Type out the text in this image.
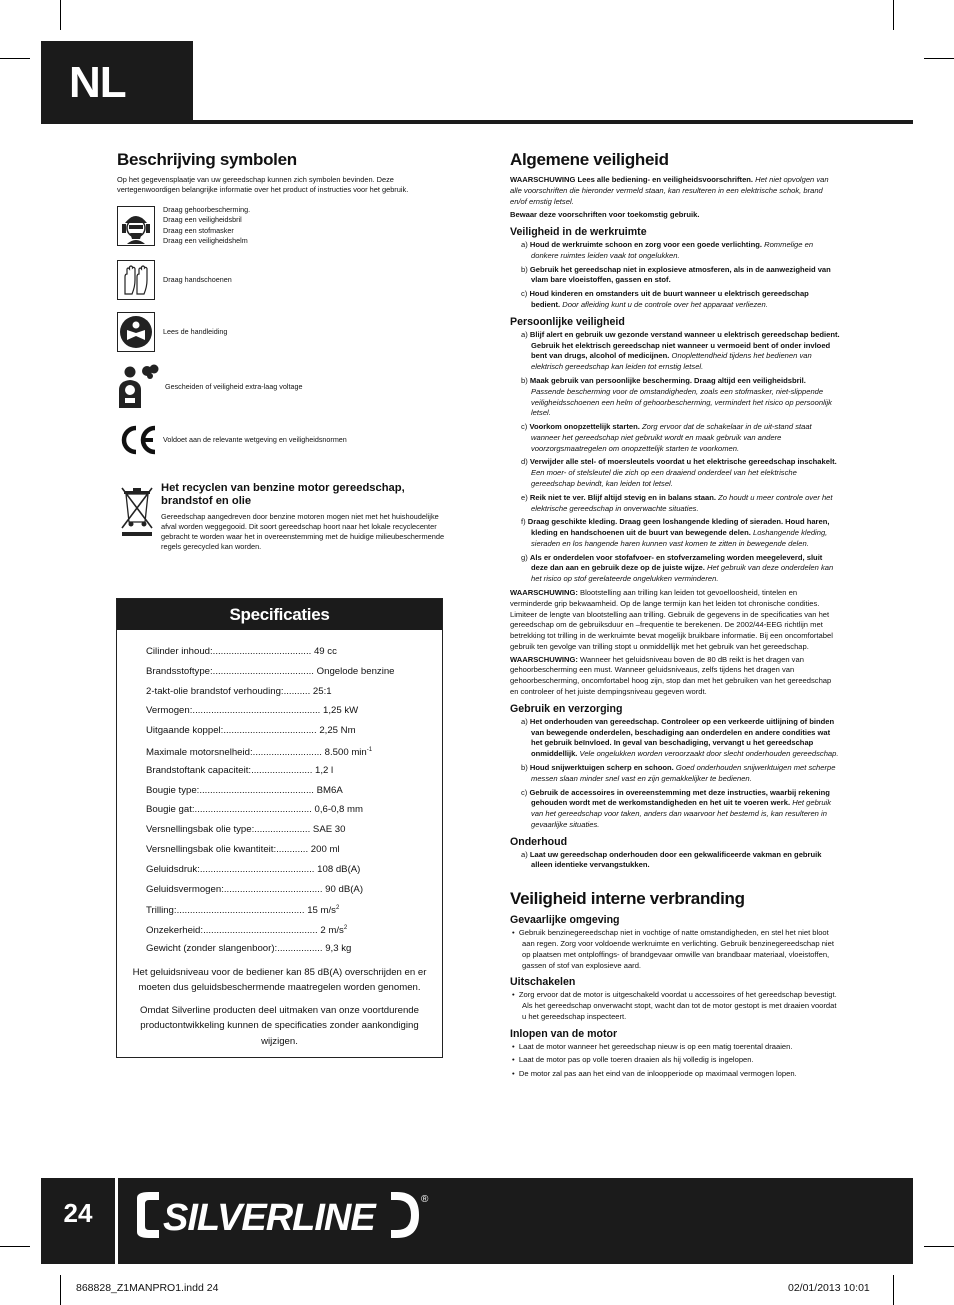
NL
Beschrijving symbolen

Op het gegevensplaatje van uw gereedschap kunnen zich symbolen bevinden. Deze vertegenwoordigen belangrijke informatie over het product of instructies voor het gebruik.

Draag gehoorbescherming.
Draag een veiligheidsbril
Draag een stofmasker
Draag een veiligheidshelm
Draag handschoenen
Lees de handleiding
Gescheiden of veiligheid extra-laag voltage
Voldoet aan de relevante wetgeving en veiligheidsnormen
Het recyclen van benzine motor gereedschap, brandstof en olie
Gereedschap aangedreven door benzine motoren mogen niet met het huishoudelijke afval worden weggegooid. Dit soort gereedschap hoort naar het lokale recyclecenter gebracht te worden waar het in overeenstemming met de huidige milieubeschermende regels gerecycled kan worden.
Specificaties
Cilinder inhoud:..................................... 49 cc
Brandsstoftype:...................................... Ongelode benzine
2-takt-olie brandstof verhouding:.......... 25:1
Vermogen:................................................ 1,25 kW
Uitgaande koppel:................................... 2,25 Nm
Maximale motorsnelheid:.......................... 8.500 $\min^{-1}$
Brandstoftank capaciteit:....................... 1,2 l
Bougie type:........................................... BM6A
Bougie gat:............................................ 0,6-0,8 mm
Versnellingsbak olie type:..................... SAE 30
Versnellingsbak olie kwantiteit:............ 200 ml
Geluidsdruk:........................................... 108 dB(A)
Geluidsvermogen:..................................... 90 dB(A)
Trilling:................................................ 15 $m/s^2$
Onzekerheid:........................................... 2 $m/s^2$
Gewicht (zonder slangenboor):................. 9,3 kg
Het geluidsniveau voor de bediener kan 85 dB(A) overschrijden en er moeten dus geluidsbeschermende maatregelen worden genomen.
Omdat Silverline producten deel uitmaken van onze voortdurende productontwikkeling kunnen de specificaties zonder aankondiging wijzigen.
Algemene veiligheid

WAARSCHUWING Lees alle bediening- en veiligheidsvoorschriften. Het niet opvolgen van alle voorschriften die hieronder vermeld staan, kan resulteren in een elektrische schok, brand en/of ernstig letsel.

Bewaar deze voorschriften voor toekomstig gebruik.

Veiligheid in de werkruimte
a) Houd de werkruimte schoon en zorg voor een goede verlichting. Rommelige en donkere ruimtes leiden vaak tot ongelukken.
b) Gebruik het gereedschap niet in explosieve atmosferen, als in de aanwezigheid van vlam bare vloeistoffen, gassen en stof.
c) Houd kinderen en omstanders uit de buurt wanneer u elektrisch gereedschap bedient. Door afleiding kunt u de controle over het apparaat verliezen.
Persoonlijke veiligheid
a) Blijf alert en gebruik uw gezonde verstand wanneer u elektrisch gereedschap bedient. Gebruik het elektrisch gereedschap niet wanneer u vermoeid bent of onder invloed bent van drugs, alcohol of medicijnen. Onoplettendheid tijdens het bedienen van elektrisch gereedschap kan leiden tot ernstig letsel.
b) Maak gebruik van persoonlijke bescherming. Draag altijd een veiligheidsbril. Passende bescherming voor de omstandigheden, zoals een stofmasker, niet-slippende veiligheidsschoenen een helm of gehoorbescherming, vermindert het risico op persoonlijk letsel.
c) Voorkom onopzettelijk starten. Zorg ervoor dat de schakelaar in de uit-stand staat wanneer het gereedschap niet gebruikt wordt en maak gebruik van andere voorzorgsmaatregelen om onopzettelijk starten te voorkomen.
d) Verwijder alle stel- of moersleutels voordat u het elektrische gereedschap inschakelt. Een moer- of stelsleutel die zich op een draaiend onderdeel van het elektrische gereedschap bevindt, kan leiden tot letsel.
e) Reik niet te ver. Blijf altijd stevig en in balans staan. Zo houdt u meer controle over het elektrische gereedschap in onverwachte situaties.
f) Draag geschikte kleding. Draag geen loshangende kleding of sieraden. Houd haren, kleding en handschoenen uit de buurt van bewegende delen. Loshangende kleding, sieraden en los hangende haren kunnen vast komen te zitten in bewegende delen.
g) Als er onderdelen voor stofafvoer- en stofverzameling worden meegeleverd, sluit deze dan aan en gebruik deze op de juiste wijze. Het gebruik van deze onderdelen kan het risico op stof gerelateerde ongelukken verminderen.

WAARSCHUWING: Blootstelling aan trilling kan leiden tot gevoelloosheid, tintelen en verminderde grip bekwaamheid. Op de lange termijn kan het leiden tot chronische condities. Limiteer de lengte van blootstelling aan trilling. Gebruik de gegevens in de specificaties van het gereedschap om de gebruiksduur en –frequentie te berekenen. De 2002/44-EEG richtlijn met betrekking tot trilling in de werkruimte bevat mogelijk bruikbare informatie. Bij een oncomfortabel gebruik ten gevolge van trilling stopt u onmiddellijk met het gebruik van het gereedschap.

WAARSCHUWING: Wanneer het geluidsniveau boven de 80 dB reikt is het dragen van gehoorbescherming een must. Wanneer geluidsniveaus, zelfs tijdens het dragen van gehoorbescherming, oncomfortabel hoog zijn, stop dan met het gebruiken van het gereedschap en controleer of het juiste dempingsniveau gegeven wordt.

Gebruik en verzorging
a) Het onderhouden van gereedschap. Controleer op een verkeerde uitlijning of binden van bewegende onderdelen, beschadiging aan onderdelen en andere condities wat het gebruik beïnvloed. In geval van beschadiging, vervangt u het gereedschap onmiddellijk. Vele ongelukken worden veroorzaakt door slecht onderhouden gereedschap.
b) Houd snijwerktuigen scherp en schoon. Goed onderhouden snijwerktuigen met scherpe messen slaan minder snel vast en zijn gemakkelijker te bedienen.
c) Gebruik de accessoires in overeenstemming met deze instructies, waarbij rekening gehouden wordt met de werkomstandigheden en het uit te voeren werk. Het gebruik van het gereedschap voor taken, anders dan waarvoor het bestemd is, kan resulteren in gevaarlijke situaties.
Onderhoud
a) Laat uw gereedschap onderhouden door een gekwalificeerde vakman en gebruik alleen identieke vervangstukken.
Veiligheid interne verbranding
Gevaarlijke omgeving
•  Gebruik benzinegereedschap niet in vochtige of natte omstandigheden, en stel het niet bloot aan regen. Zorg voor voldoende werkruimte en verlichting. Gebruik benzinegereedschap niet op plaatsen met ontplofﬁngs- of brandgevaar omwille van brandbaar materiaal, vloeistoffen, gassen of stof van explosieve aard.
Uitschakelen
•  Zorg ervoor dat de motor is uitgeschakeld voordat u accessoires of het gereedschap bevestigt. Als het gereedschap onverwacht stopt, wacht dan tot de motor gestopt is met draaien voordat u het gereedschap inspecteert.
Inlopen van de motor
•  Laat de motor wanneer het gereedschap nieuw is op een matig toerental draaien.
•  Laat de motor pas op volle toeren draaien als hij volledig is ingelopen.
•  De motor zal pas aan het eind van de inloopperiode op maximaal vermogen lopen.
24	SILVERLINE	®
868828_Z1MANPRO1.indd 24	02/01/2013 10:01
